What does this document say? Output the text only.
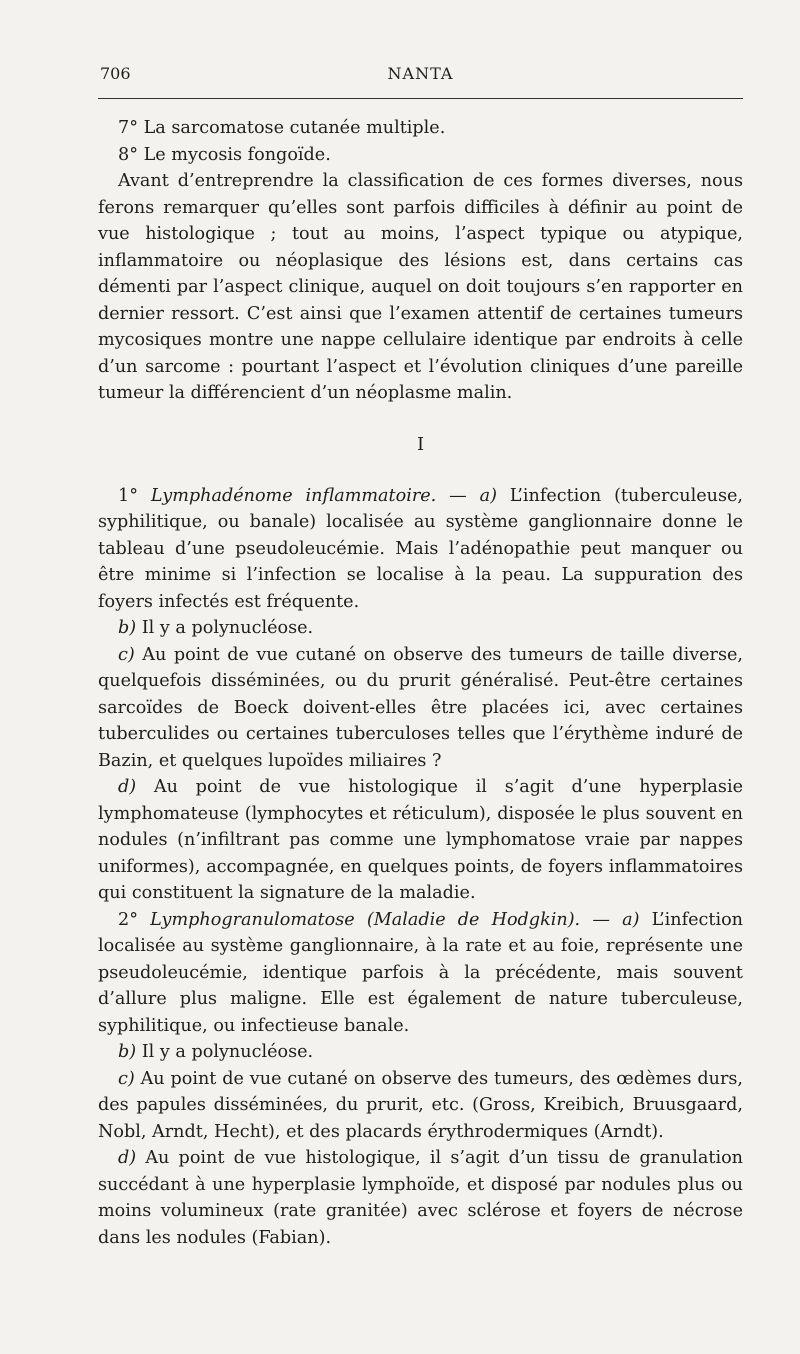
706	NANTA

7° La sarcomatose cutanée multiple.

8° Le mycosis fongoïde.

Avant d’entreprendre la classification de ces formes diverses, nous ferons remarquer qu’elles sont parfois difficiles à définir au point de vue histologique ; tout au moins, l’aspect typique ou atypique, inflammatoire ou néoplasique des lésions est, dans certains cas démenti par l’aspect clinique, auquel on doit toujours s’en rapporter en dernier ressort. C’est ainsi que l’examen attentif de certaines tumeurs mycosiques montre une nappe cellulaire identique par endroits à celle d’un sarcome : pourtant l’aspect et l’évolution cliniques d’une pareille tumeur la différencient d’un néoplasme malin.

I

1° Lymphadénome inflammatoire. — a) L’infection (tuberculeuse, syphilitique, ou banale) localisée au système ganglionnaire donne le tableau d’une pseudoleucémie. Mais l’adénopathie peut manquer ou être minime si l’infection se localise à la peau. La suppuration des foyers infectés est fréquente.

b) Il y a polynucléose.

c) Au point de vue cutané on observe des tumeurs de taille diverse, quelquefois disséminées, ou du prurit généralisé. Peut-être certaines sarcoïdes de Boeck doivent-elles être placées ici, avec certaines tuberculides ou certaines tuberculoses telles que l’érythème induré de Bazin, et quelques lupoïdes miliaires ?

d) Au point de vue histologique il s’agit d’une hyperplasie lymphomateuse (lymphocytes et réticulum), disposée le plus souvent en nodules (n’infiltrant pas comme une lymphomatose vraie par nappes uniformes), accompagnée, en quelques points, de foyers inflammatoires qui constituent la signature de la maladie.

2° Lymphogranulomatose (Maladie de Hodgkin). — a) L’infection localisée au système ganglionnaire, à la rate et au foie, représente une pseudoleucémie, identique parfois à la précédente, mais souvent d’allure plus maligne. Elle est également de nature tuberculeuse, syphilitique, ou infectieuse banale.

b) Il y a polynucléose.

c) Au point de vue cutané on observe des tumeurs, des œdèmes durs, des papules disséminées, du prurit, etc. (Gross, Kreibich, Bruusgaard, Nobl, Arndt, Hecht), et des placards érythrodermiques (Arndt).

d) Au point de vue histologique, il s’agit d’un tissu de granulation succédant à une hyperplasie lymphoïde, et disposé par nodules plus ou moins volumineux (rate granitée) avec sclérose et foyers de nécrose dans les nodules (Fabian).
